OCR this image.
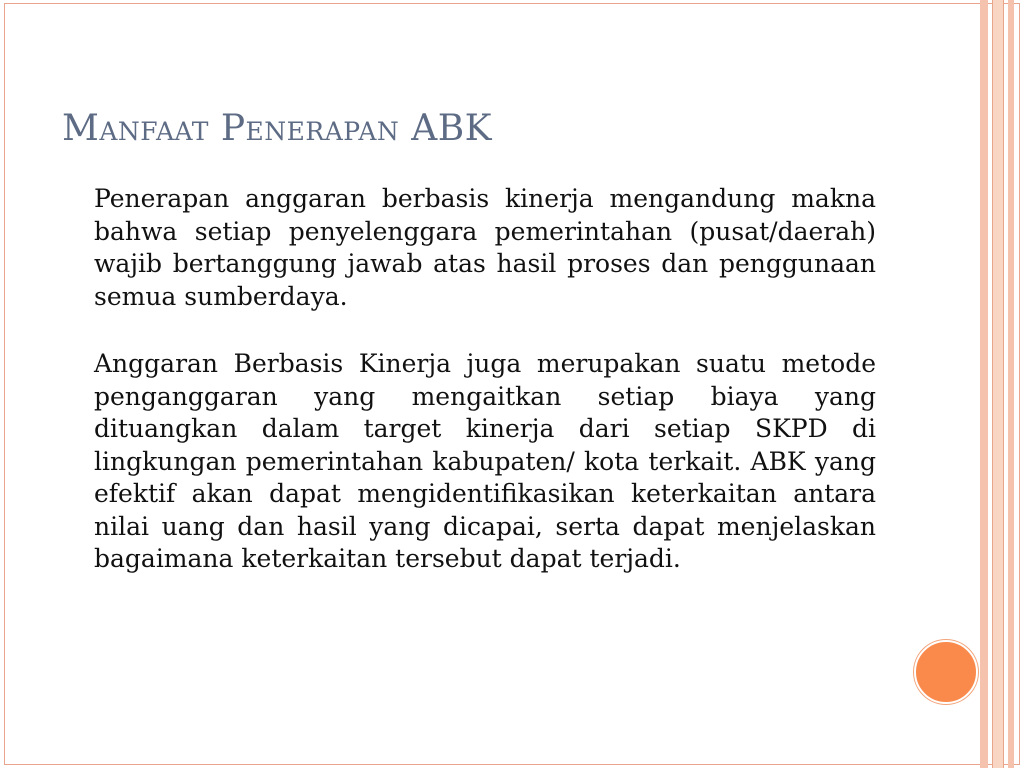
Manfaat Penerapan ABK

Penerapan anggaran berbasis kinerja mengandung makna bahwa setiap penyelenggara pemerintahan (pusat/daerah) wajib bertanggung jawab atas hasil proses dan penggunaan semua sumberdaya.

Anggaran Berbasis Kinerja juga merupakan suatu metode penganggaran yang mengaitkan setiap biaya yang dituangkan dalam target kinerja dari setiap SKPD di lingkungan pemerintahan kabupaten/ kota terkait. ABK yang efektif akan dapat mengidentifikasikan keterkaitan antara nilai uang dan hasil yang dicapai, serta dapat menjelaskan bagaimana keterkaitan tersebut dapat terjadi.
